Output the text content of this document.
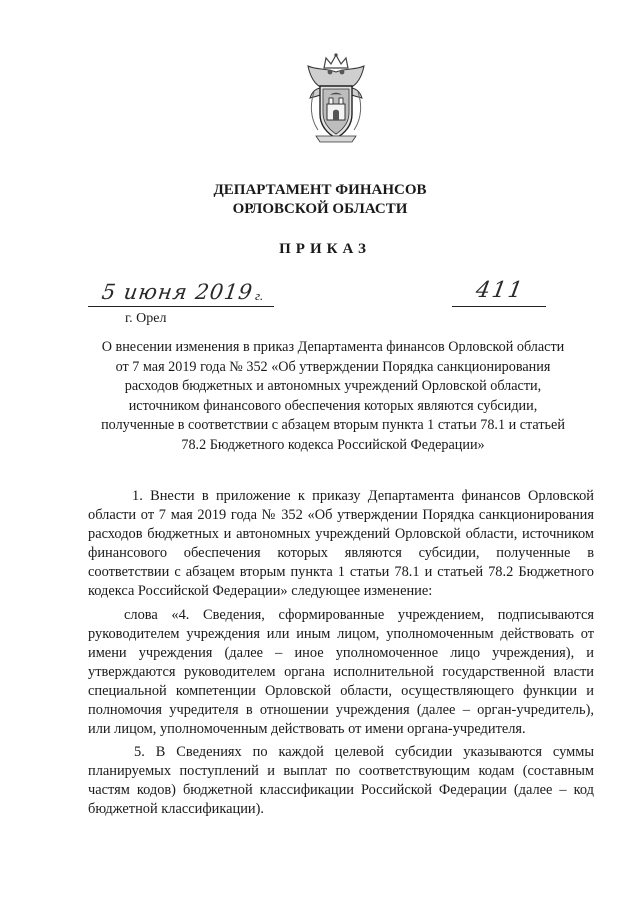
ДЕПАРТАМЕНТ ФИНАНСОВ
ОРЛОВСКОЙ ОБЛАСТИ
ПРИКАЗ
5 июня 2019 г.	411
г. Орел
О внесении изменения в приказ Департамента финансов Орловской области
от 7 мая 2019 года № 352 «Об утверждении Порядка санкционирования
расходов бюджетных и автономных учреждений Орловской области,
источником финансового обеспечения которых являются субсидии,
полученные в соответствии с абзацем вторым пункта 1 статьи 78.1 и статьей
78.2 Бюджетного кодекса Российской Федерации»
1. Внести в приложение к приказу Департамента финансов Орловской области от 7 мая 2019 года № 352 «Об утверждении Порядка санкционирования расходов бюджетных и автономных учреждений Орловской области, источником финансового обеспечения которых являются субсидии, полученные в соответствии с абзацем вторым пункта 1 статьи 78.1 и статьей 78.2 Бюджетного кодекса Российской Федерации» следующее изменение:
слова «4. Сведения, сформированные учреждением, подписываются руководителем учреждения или иным лицом, уполномоченным действовать от имени учреждения (далее – иное уполномоченное лицо учреждения), и утверждаются руководителем органа исполнительной государственной власти специальной компетенции Орловской области, осуществляющего функции и полномочия учредителя в отношении учреждения (далее – орган-учредитель), или лицом, уполномоченным действовать от имени органа-учредителя.
5. В Сведениях по каждой целевой субсидии указываются суммы планируемых поступлений и выплат по соответствующим кодам (составным частям кодов) бюджетной классификации Российской Федерации (далее – код бюджетной классификации).
